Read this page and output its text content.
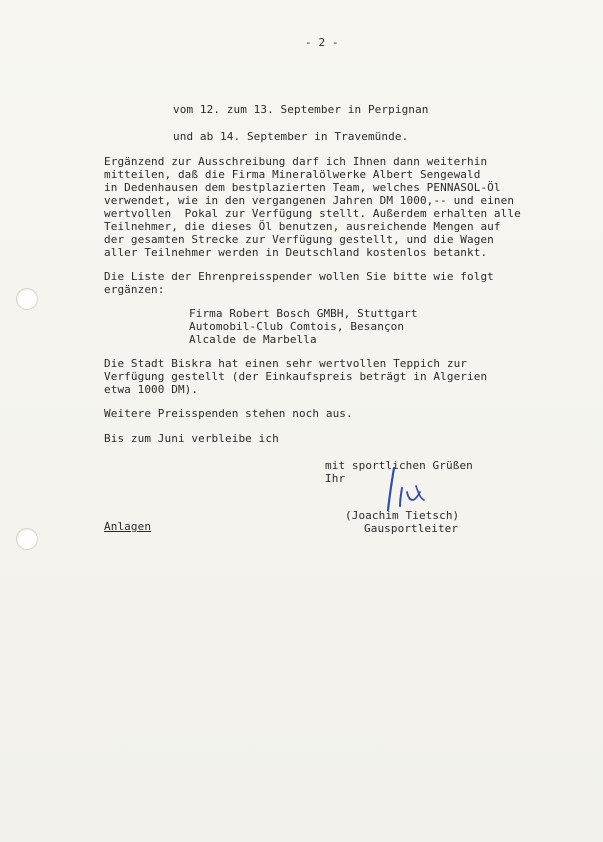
- 2 -
vom 12. zum 13. September in Perpignan
und ab 14. September in Travemünde.
Ergänzend zur Ausschreibung darf ich Ihnen dann weiterhin
mitteilen, daß die Firma Mineralölwerke Albert Sengewald
in Dedenhausen dem bestplazierten Team, welches PENNASOL-Öl
verwendet, wie in den vergangenen Jahren DM 1000,-- und einen
wertvollen  Pokal zur Verfügung stellt. Außerdem erhalten alle
Teilnehmer, die dieses Öl benutzen, ausreichende Mengen auf
der gesamten Strecke zur Verfügung gestellt, und die Wagen
aller Teilnehmer werden in Deutschland kostenlos betankt.
Die Liste der Ehrenpreisspender wollen Sie bitte wie folgt
ergänzen:
Firma Robert Bosch GMBH, Stuttgart
Automobil-Club Comtois, Besançon
Alcalde de Marbella
Die Stadt Biskra hat einen sehr wertvollen Teppich zur
Verfügung gestellt (der Einkaufspreis beträgt in Algerien
etwa 1000 DM).
Weitere Preisspenden stehen noch aus.
Bis zum Juni verbleibe ich
mit sportlichen Grüßen
Ihr
(Joachim Tietsch)
Gausportleiter
Anlagen
